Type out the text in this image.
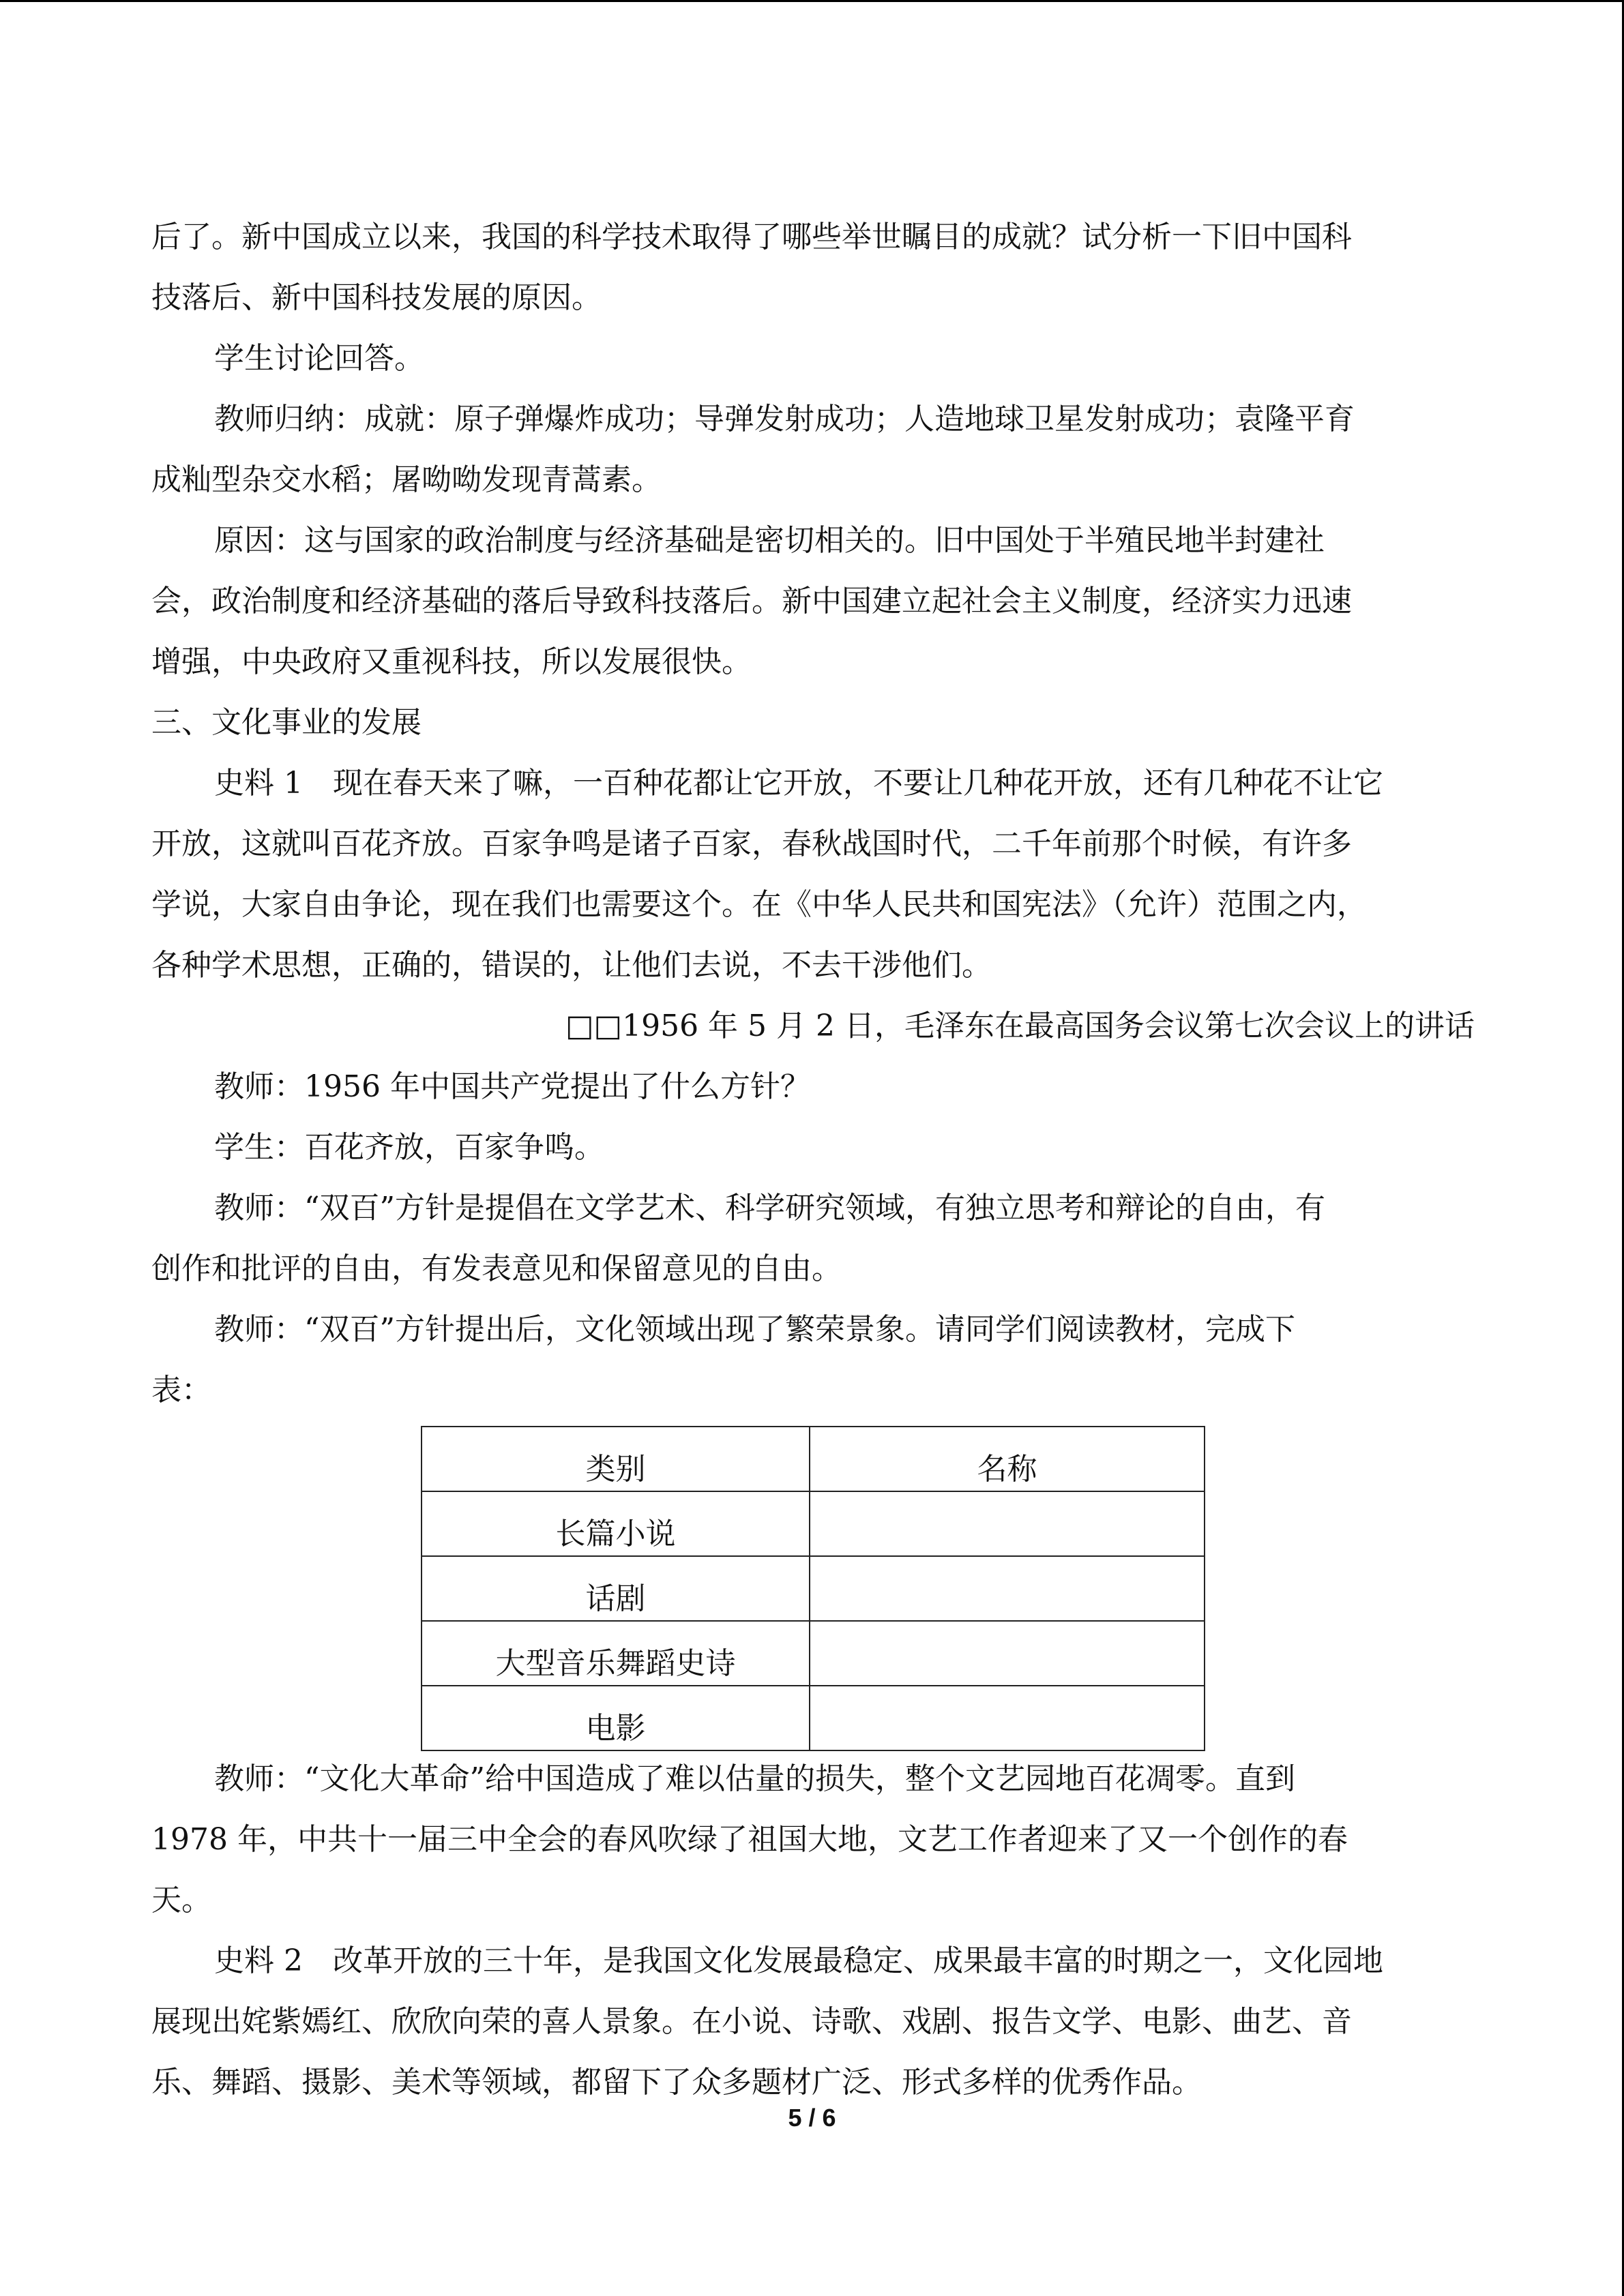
后了。新中国成立以来，我国的科学技术取得了哪些举世瞩目的成就？试分析一下旧中国科
技落后、新中国科技发展的原因。
学生讨论回答。
教师归纳：成就：原子弹爆炸成功；导弹发射成功；人造地球卫星发射成功；袁隆平育
成籼型杂交水稻；屠呦呦发现青蒿素。
原因：这与国家的政治制度与经济基础是密切相关的。旧中国处于半殖民地半封建社
会，政治制度和经济基础的落后导致科技落后。新中国建立起社会主义制度，经济实力迅速
增强，中央政府又重视科技，所以发展很快。
三、文化事业的发展
史料 1　现在春天来了嘛，一百种花都让它开放，不要让几种花开放，还有几种花不让它
开放，这就叫百花齐放。百家争鸣是诸子百家，春秋战国时代，二千年前那个时候，有许多
学说，大家自由争论，现在我们也需要这个。在《中华人民共和国宪法》（允许）范围之内，
各种学术思想，正确的，错误的，让他们去说，不去干涉他们。
□□1956 年 5 月 2 日，毛泽东在最高国务会议第七次会议上的讲话
教师：1956 年中国共产党提出了什么方针？
学生：百花齐放，百家争鸣。
教师：“双百”方针是提倡在文学艺术、科学研究领域，有独立思考和辩论的自由，有
创作和批评的自由，有发表意见和保留意见的自由。
教师：“双百”方针提出后，文化领域出现了繁荣景象。请同学们阅读教材，完成下
表：
类别	名称
长篇小说	
话剧	
大型音乐舞蹈史诗	
电影	
教师：“文化大革命”给中国造成了难以估量的损失，整个文艺园地百花凋零。直到
1978 年，中共十一届三中全会的春风吹绿了祖国大地，文艺工作者迎来了又一个创作的春
天。
史料 2　改革开放的三十年，是我国文化发展最稳定、成果最丰富的时期之一，文化园地
展现出姹紫嫣红、欣欣向荣的喜人景象。在小说、诗歌、戏剧、报告文学、电影、曲艺、音
乐、舞蹈、摄影、美术等领域，都留下了众多题材广泛、形式多样的优秀作品。
5 / 6
